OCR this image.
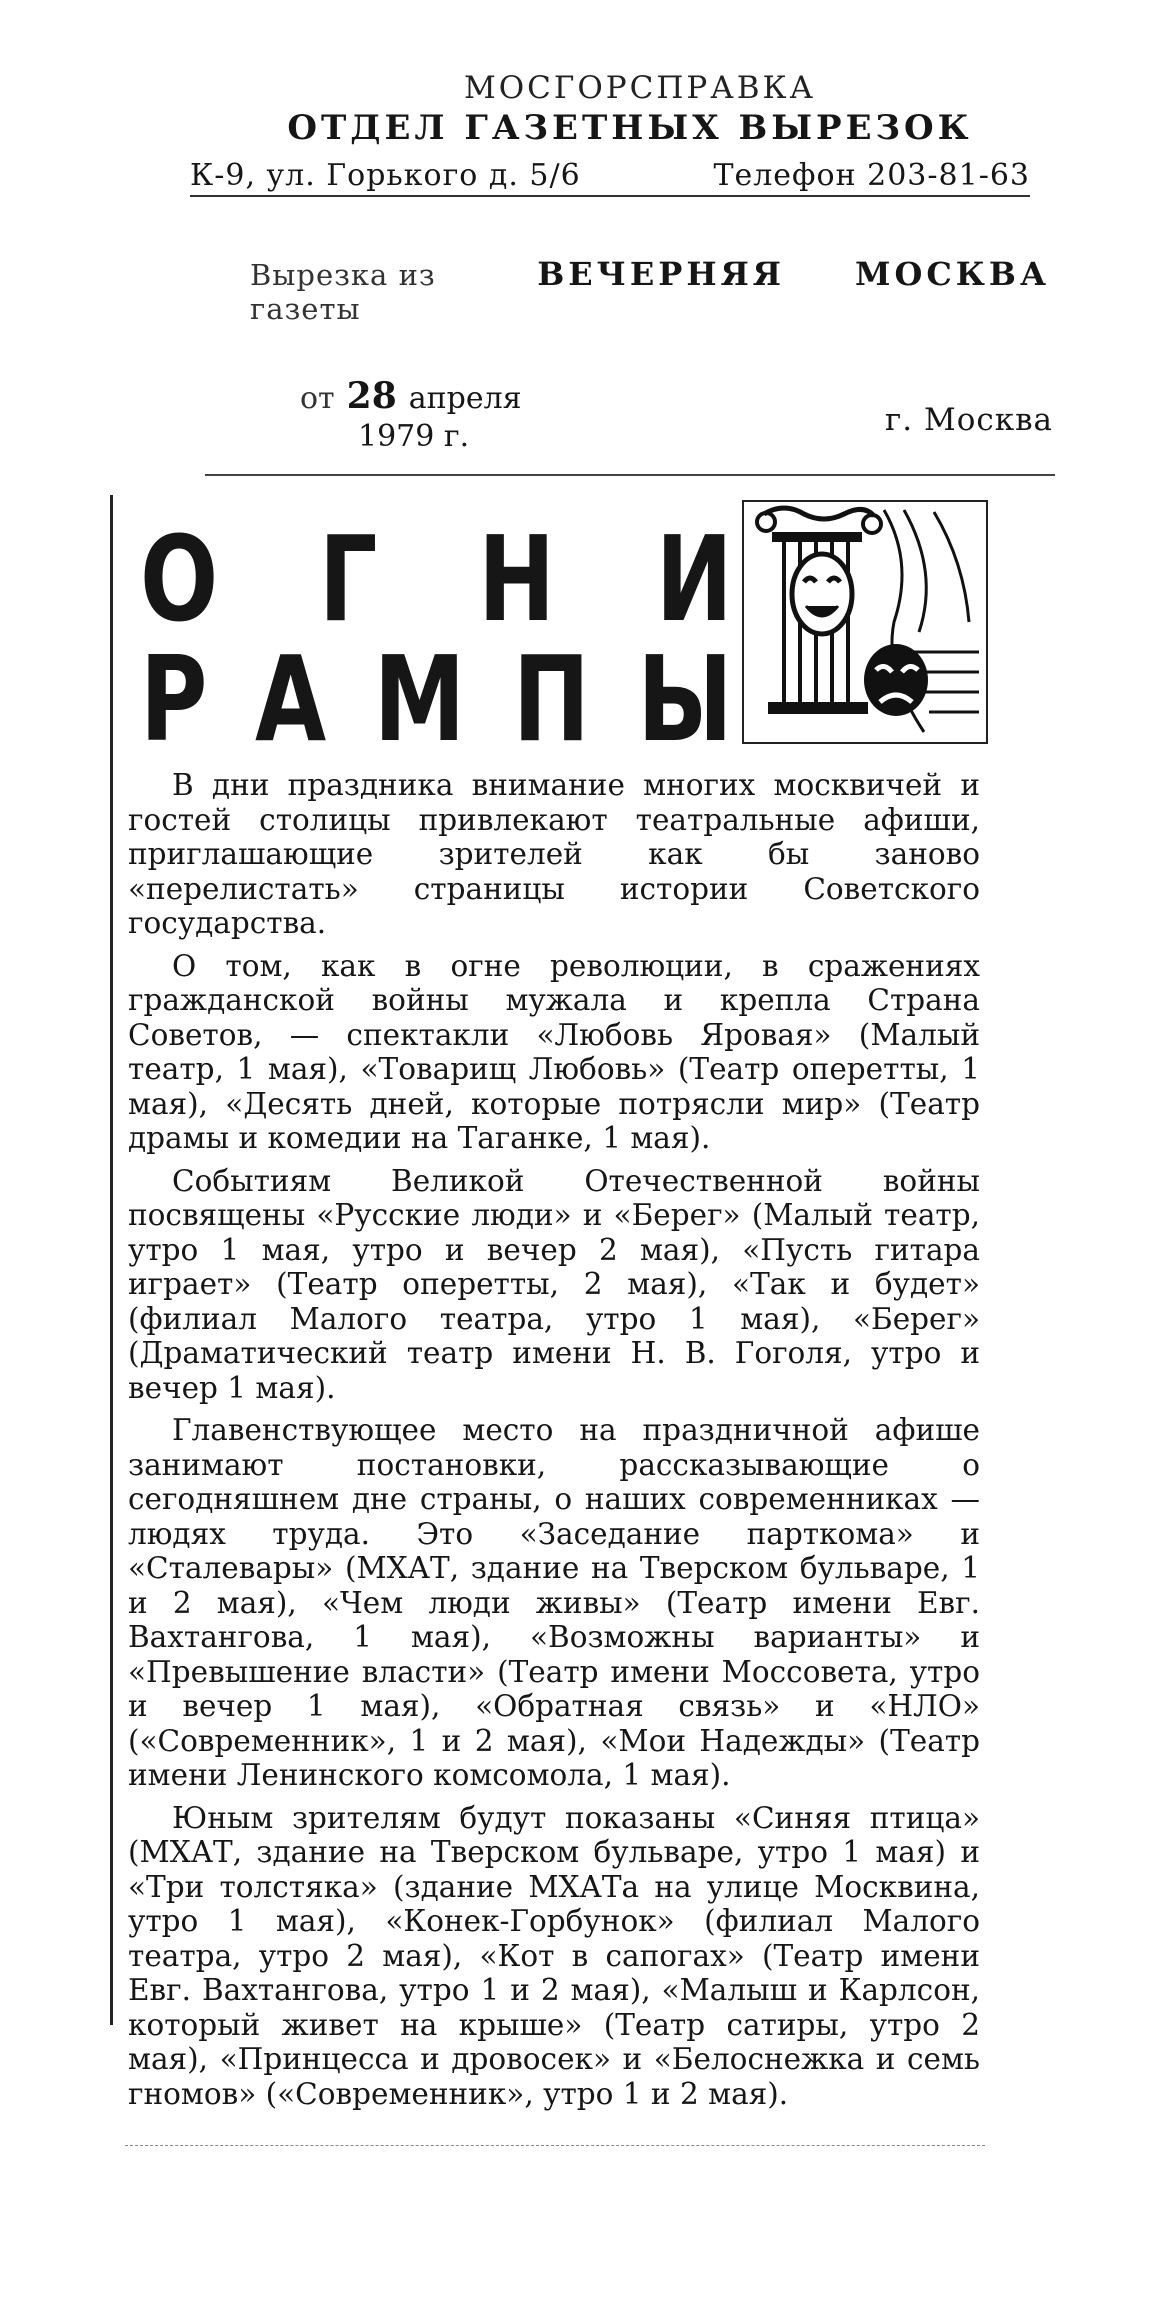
МОСГОРСПРАВКА
ОТДЕЛ ГАЗЕТНЫХ ВЫРЕЗОК
К-9, ул. Горького д. 5/6	Телефон 203-81-63
Вырезка из газеты
ВЕЧЕРНЯЯ МОСКВА
от 28 апреля
1979 г.	г. Москва
О Г Н И
Р А М П Ы

В дни праздника внимание многих москвичей и гостей столицы привлекают театральные афиши, приглашающие зрителей как бы заново «перелистать» страницы истории Советского государства.

О том, как в огне революции, в сражениях гражданской войны мужала и крепла Страна Советов, — спектакли «Любовь Яровая» (Малый театр, 1 мая), «Товарищ Любовь» (Театр оперетты, 1 мая), «Десять дней, которые потрясли мир» (Театр драмы и комедии на Таганке, 1 мая).

Событиям Великой Отечественной войны посвящены «Русские люди» и «Берег» (Малый театр, утро 1 мая, утро и вечер 2 мая), «Пусть гитара играет» (Театр оперетты, 2 мая), «Так и будет» (филиал Малого театра, утро 1 мая), «Берег» (Драматический театр имени Н. В. Гоголя, утро и вечер 1 мая).

Главенствующее место на праздничной афише занимают постановки, рассказывающие о сегодняшнем дне страны, о наших современниках — людях труда. Это «Заседание парткома» и «Сталевары» (МХАТ, здание на Тверском бульваре, 1 и 2 мая), «Чем люди живы» (Театр имени Евг. Вахтангова, 1 мая), «Возможны варианты» и «Превышение власти» (Театр имени Моссовета, утро и вечер 1 мая), «Обратная связь» и «НЛО» («Современник», 1 и 2 мая), «Мои Надежды» (Театр имени Ленинского комсомола, 1 мая).

Юным зрителям будут показаны «Синяя птица» (МХАТ, здание на Тверском бульваре, утро 1 мая) и «Три толстяка» (здание МХАТа на улице Москвина, утро 1 мая), «Конек-Горбунок» (филиал Малого театра, утро 2 мая), «Кот в сапогах» (Театр имени Евг. Вахтангова, утро 1 и 2 мая), «Малыш и Карлсон, который живет на крыше» (Театр сатиры, утро 2 мая), «Принцесса и дровосек» и «Белоснежка и семь гномов» («Современник», утро 1 и 2 мая).
